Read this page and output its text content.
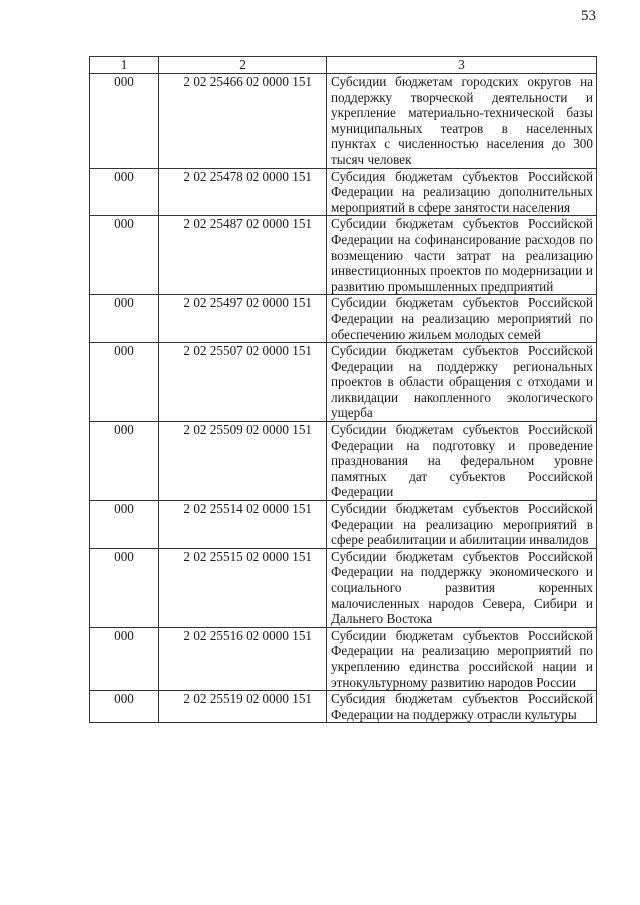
53
1	2	3
000	2 02 25466 02 0000 151	Субсидии бюджетам городских округов на поддержку творческой деятельности и укрепление материально-технической базы муниципальных театров в населенных пунктах с численностью населения до 300 тысяч человек
000	2 02 25478 02 0000 151	Субсидия бюджетам субъектов Российской Федерации на реализацию дополнительных мероприятий в сфере занятости населения
000	2 02 25487 02 0000 151	Субсидии бюджетам субъектов Российской Федерации на софинансирование расходов по возмещению части затрат на реализацию инвестиционных проектов по модернизации и развитию промышленных предприятий
000	2 02 25497 02 0000 151	Субсидии бюджетам субъектов Российской Федерации на реализацию мероприятий по обеспечению жильем молодых семей
000	2 02 25507 02 0000 151	Субсидии бюджетам субъектов Российской Федерации на поддержку региональных проектов в области обращения с отходами и ликвидации накопленного экологического ущерба
000	2 02 25509 02 0000 151	Субсидии бюджетам субъектов Российской Федерации на подготовку и проведение празднования на федеральном уровне памятных дат субъектов Российской Федерации
000	2 02 25514 02 0000 151	Субсидии бюджетам субъектов Российской Федерации на реализацию мероприятий в сфере реабилитации и абилитации инвалидов
000	2 02 25515 02 0000 151	Субсидии бюджетам субъектов Российской Федерации на поддержку экономического и социального развития коренных малочисленных народов Севера, Сибири и Дальнего Востока
000	2 02 25516 02 0000 151	Субсидии бюджетам субъектов Российской Федерации на реализацию мероприятий по укреплению единства российской нации и этнокультурному развитию народов России
000	2 02 25519 02 0000 151	Субсидия бюджетам субъектов Российской Федерации на поддержку отрасли культуры
